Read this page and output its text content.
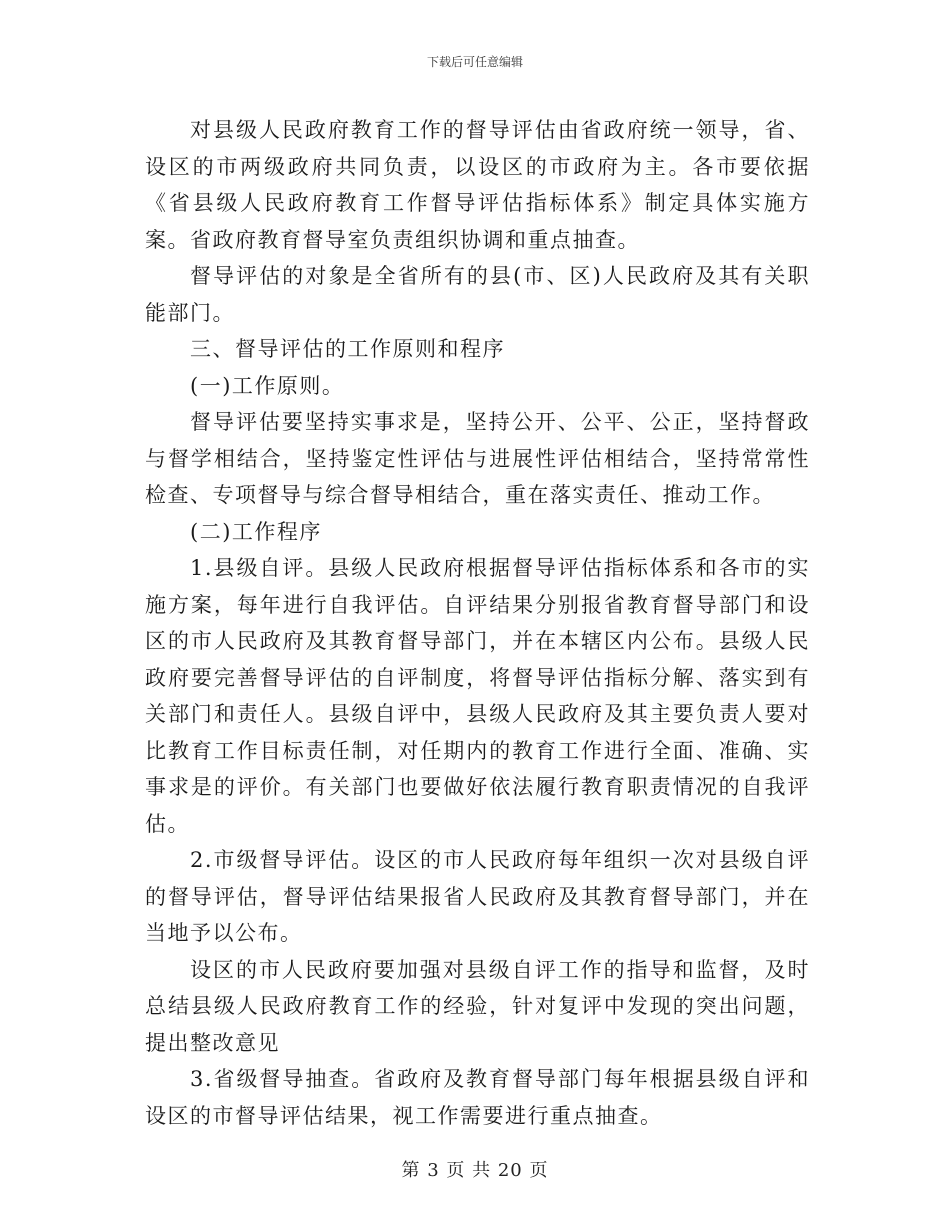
下载后可任意编辑

对县级人民政府教育工作的督导评估由省政府统一领导，省、设区的市两级政府共同负责，以设区的市政府为主。各市要依据《省县级人民政府教育工作督导评估指标体系》制定具体实施方案。省政府教育督导室负责组织协调和重点抽查。

督导评估的对象是全省所有的县(市、区)人民政府及其有关职能部门。

三、督导评估的工作原则和程序

(一)工作原则。

督导评估要坚持实事求是，坚持公开、公平、公正，坚持督政与督学相结合，坚持鉴定性评估与进展性评估相结合，坚持常常性检查、专项督导与综合督导相结合，重在落实责任、推动工作。

(二)工作程序

1.县级自评。县级人民政府根据督导评估指标体系和各市的实施方案，每年进行自我评估。自评结果分别报省教育督导部门和设区的市人民政府及其教育督导部门，并在本辖区内公布。县级人民政府要完善督导评估的自评制度，将督导评估指标分解、落实到有关部门和责任人。县级自评中，县级人民政府及其主要负责人要对比教育工作目标责任制，对任期内的教育工作进行全面、准确、实事求是的评价。有关部门也要做好依法履行教育职责情况的自我评估。

2.市级督导评估。设区的市人民政府每年组织一次对县级自评的督导评估，督导评估结果报省人民政府及其教育督导部门，并在当地予以公布。

设区的市人民政府要加强对县级自评工作的指导和监督，及时总结县级人民政府教育工作的经验，针对复评中发现的突出问题，提出整改意见

3.省级督导抽查。省政府及教育督导部门每年根据县级自评和设区的市督导评估结果，视工作需要进行重点抽查。

第 3 页 共 20 页
